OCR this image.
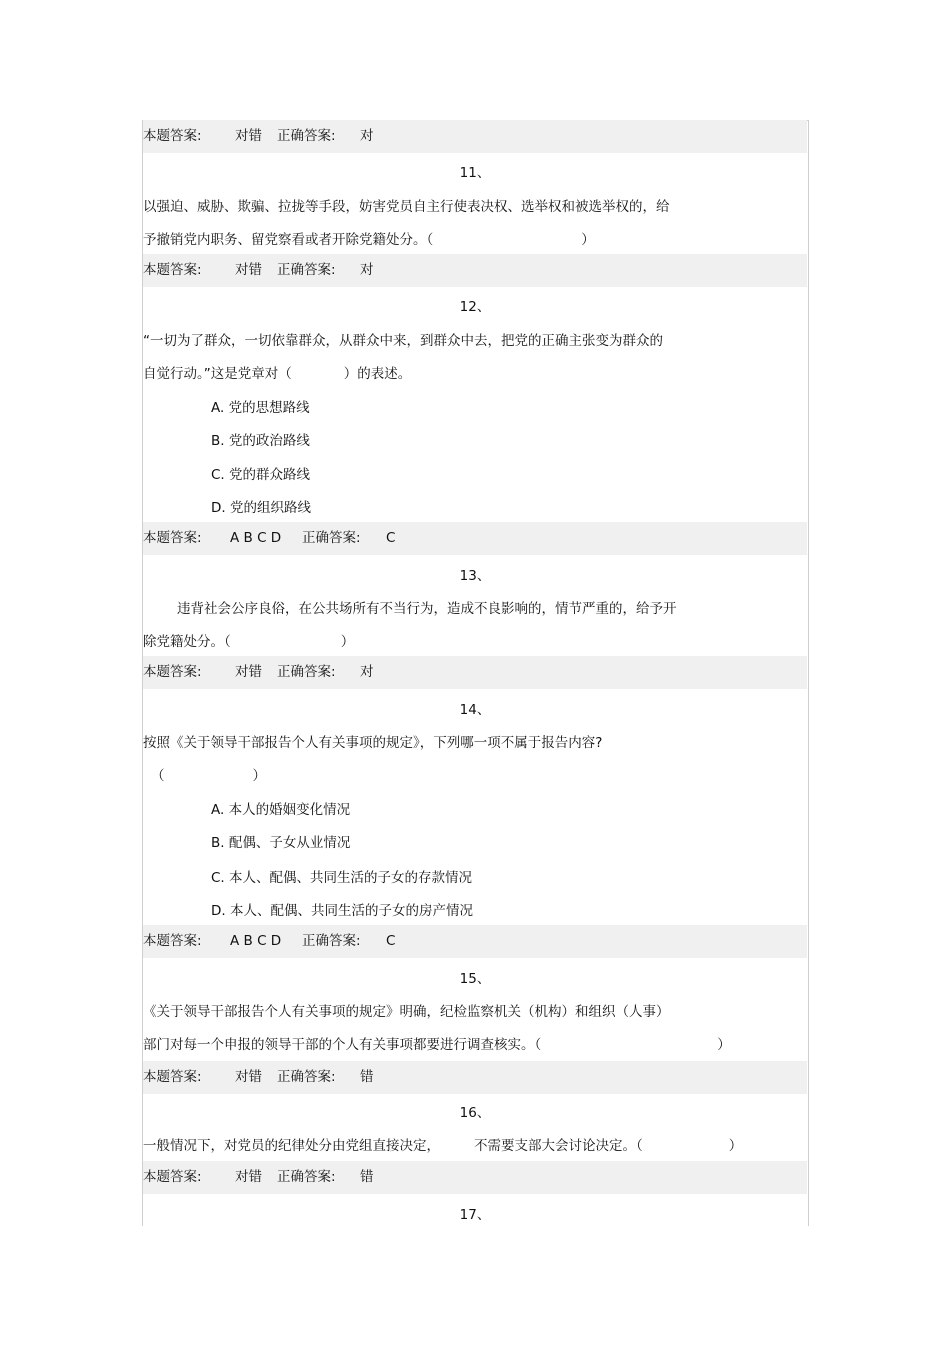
本题答案: 对错 正确答案: 对
11、
以强迫、威胁、欺骗、拉拢等手段，妨害党员自主行使表决权、选举权和被选举权的，给
予撤销党内职务、留党察看或者开除党籍处分。（	）
本题答案: 对错 正确答案: 对
12、
“一切为了群众，一切依靠群众，从群众中来，到群众中去，把党的正确主张变为群众的
自觉行动。”这是党章对（	）的表述。
A. 党的思想路线
B. 党的政治路线
C. 党的群众路线
D. 党的组织路线
本题答案: A B C D 正确答案: C
13、
违背社会公序良俗，在公共场所有不当行为，造成不良影响的，情节严重的，给予开
除党籍处分。（	）
本题答案: 对错 正确答案: 对
14、
按照《关于领导干部报告个人有关事项的规定》，下列哪一项不属于报告内容?
（	）
A. 本人的婚姻变化情况
B. 配偶、子女从业情况
C. 本人、配偶、共同生活的子女的存款情况
D. 本人、配偶、共同生活的子女的房产情况
本题答案: A B C D 正确答案: C
15、
《关于领导干部报告个人有关事项的规定》明确，纪检监察机关（机构）和组织（人事）
部门对每一个申报的领导干部的个人有关事项都要进行调查核实。（	）
本题答案: 对错 正确答案: 错
16、
一般情况下，对党员的纪律处分由党组直接决定，	不需要支部大会讨论决定。（	）
本题答案: 对错 正确答案: 错
17、
